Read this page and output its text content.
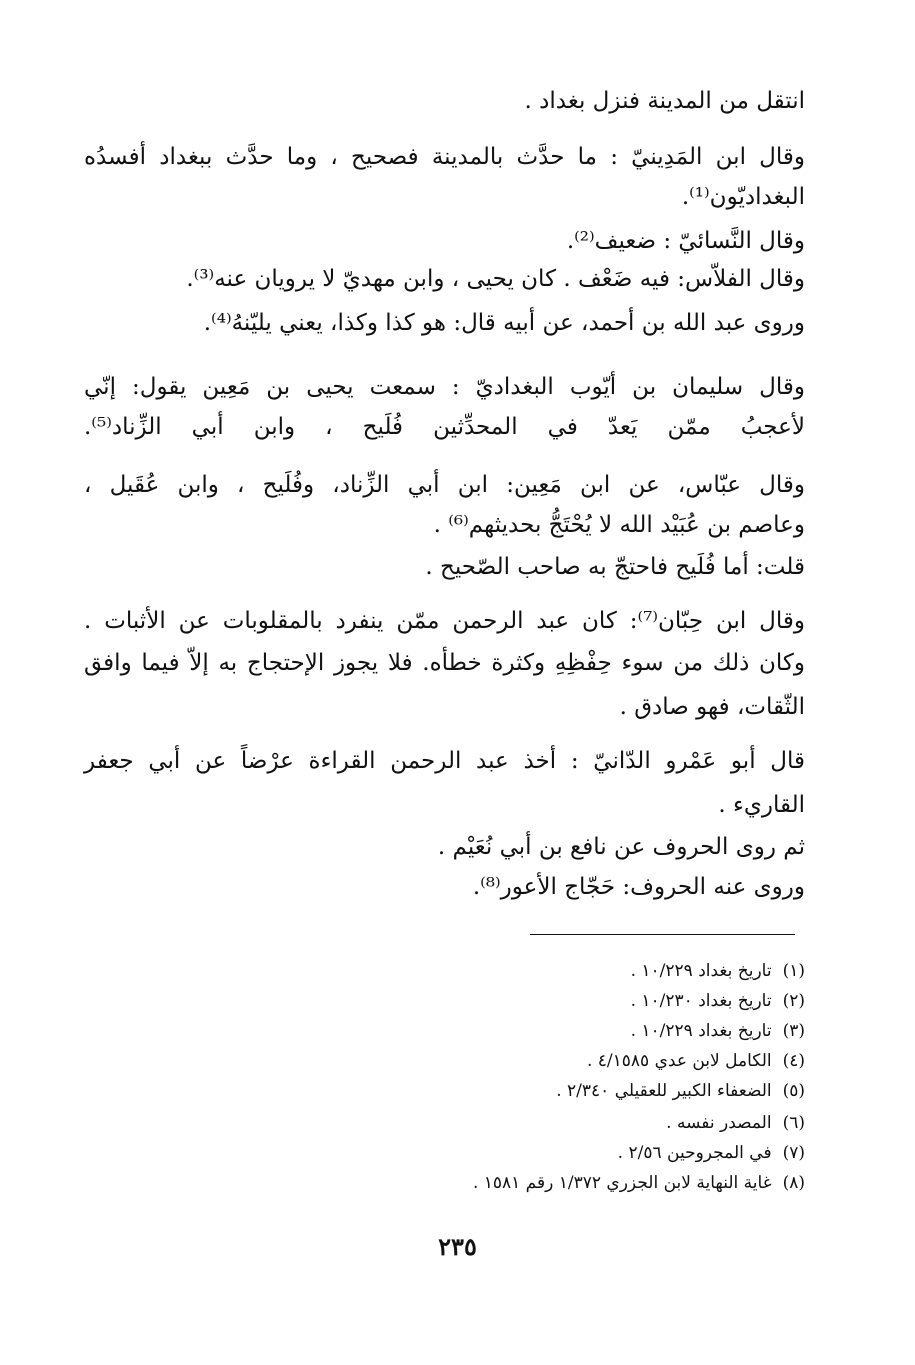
انتقل من المدينة فنزل بغداد .
وقال ابن المَدِينيّ : ما حدَّث بالمدينة فصحيح ، وما حدَّث ببغداد أفسدُه
البغداديّون⁽¹⁾.
وقال النَّسائيّ : ضعيف⁽²⁾.
وقال الفلاّس: فيه ضَعْف . كان يحيى ، وابن مهديّ لا يرويان عنه⁽³⁾.
وروى عبد الله بن أحمد، عن أبيه قال: هو كذا وكذا، يعني يليّنهُ⁽⁴⁾.
وقال سليمان بن أيّوب البغداديّ : سمعت يحيى بن مَعِين يقول: إنّي
لأعجبُ ممّن يَعدّ في المحدِّثين فُلَيح ، وابن أبي الزِّناد⁽⁵⁾.
وقال عبّاس، عن ابن مَعِين: ابن أبي الزِّناد، وفُلَيح ، وابن عُقَيل ،
وعاصم بن عُبَيْد الله لا يُحْتَجُّ بحديثهم⁽⁶⁾ .
قلت: أما فُلَيح فاحتجّ به صاحب الصّحيح .
وقال ابن حِبّان⁽⁷⁾: كان عبد الرحمن ممّن ينفرد بالمقلوبات عن الأثبات .
وكان ذلك من سوء حِفْظِهِ وكثرة خطأه. فلا يجوز الإحتجاج به إلاّ فيما وافق
الثّقات، فهو صادق .
قال أبو عَمْرو الدّانيّ : أخذ عبد الرحمن القراءة عرْضاً عن أبي جعفر
القاريء .
ثم روى الحروف عن نافع بن أبي نُعَيْم .
وروى عنه الحروف: حَجّاج الأعور⁽⁸⁾.
(١) تاريخ بغداد ١٠/٢٢٩ .
(٢) تاريخ بغداد ١٠/٢٣٠ .
(٣) تاريخ بغداد ١٠/٢٢٩ .
(٤) الكامل لابن عدي ٤/١٥٨٥ .
(٥) الضعفاء الكبير للعقيلي ٢/٣٤٠ .
(٦) المصدر نفسه .
(٧) في المجروحين ٢/٥٦ .
(٨) غاية النهاية لابن الجزري ١/٣٧٢ رقم ١٥٨١ .
٢٣٥
